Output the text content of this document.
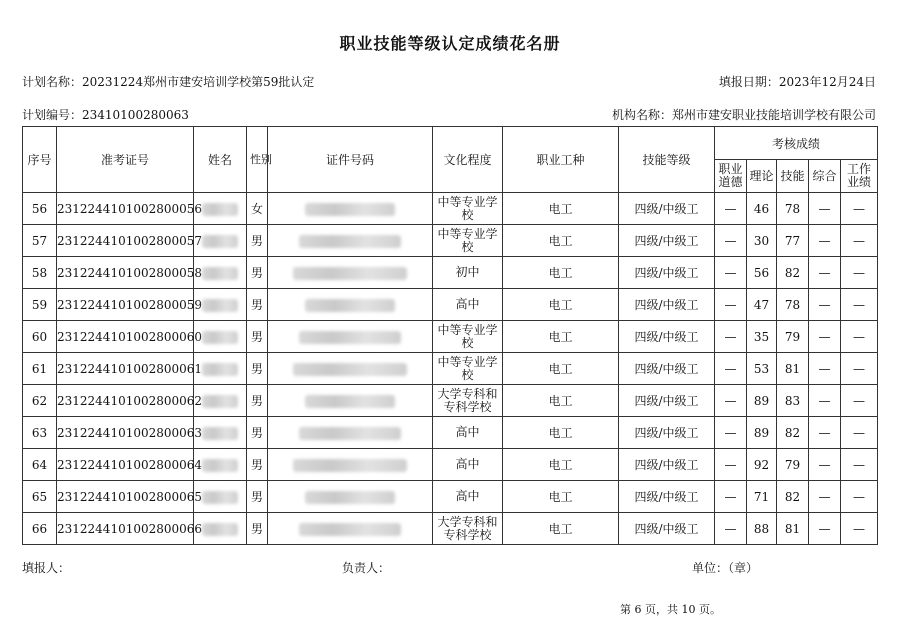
职业技能等级认定成绩花名册
计划名称：20231224郑州市建安培训学校第59批认定	填报日期：2023年12月24日
计划编号：23410100280063	机构名称：郑州市建安职业技能培训学校有限公司
序号	准考证号	姓名	性别	证件号码	文化程度	职业工种	技能等级	考核成绩				
								职业道德	理论	技能	综合	工作业绩
56	2312244101002800056		女		中等专业学校	电工	四级/中级工	—	46	78	—	—
57	2312244101002800057		男		中等专业学校	电工	四级/中级工	—	30	77	—	—
58	2312244101002800058		男		初中	电工	四级/中级工	—	56	82	—	—
59	2312244101002800059		男		高中	电工	四级/中级工	—	47	78	—	—
60	2312244101002800060		男		中等专业学校	电工	四级/中级工	—	35	79	—	—
61	2312244101002800061		男		中等专业学校	电工	四级/中级工	—	53	81	—	—
62	2312244101002800062		男		大学专科和专科学校	电工	四级/中级工	—	89	83	—	—
63	2312244101002800063		男		高中	电工	四级/中级工	—	89	82	—	—
64	2312244101002800064		男		高中	电工	四级/中级工	—	92	79	—	—
65	2312244101002800065		男		高中	电工	四级/中级工	—	71	82	—	—
66	2312244101002800066		男		大学专科和专科学校	电工	四级/中级工	—	88	81	—	—
填报人：	负责人：	单位：（章）
第 6 页，共 10 页。
